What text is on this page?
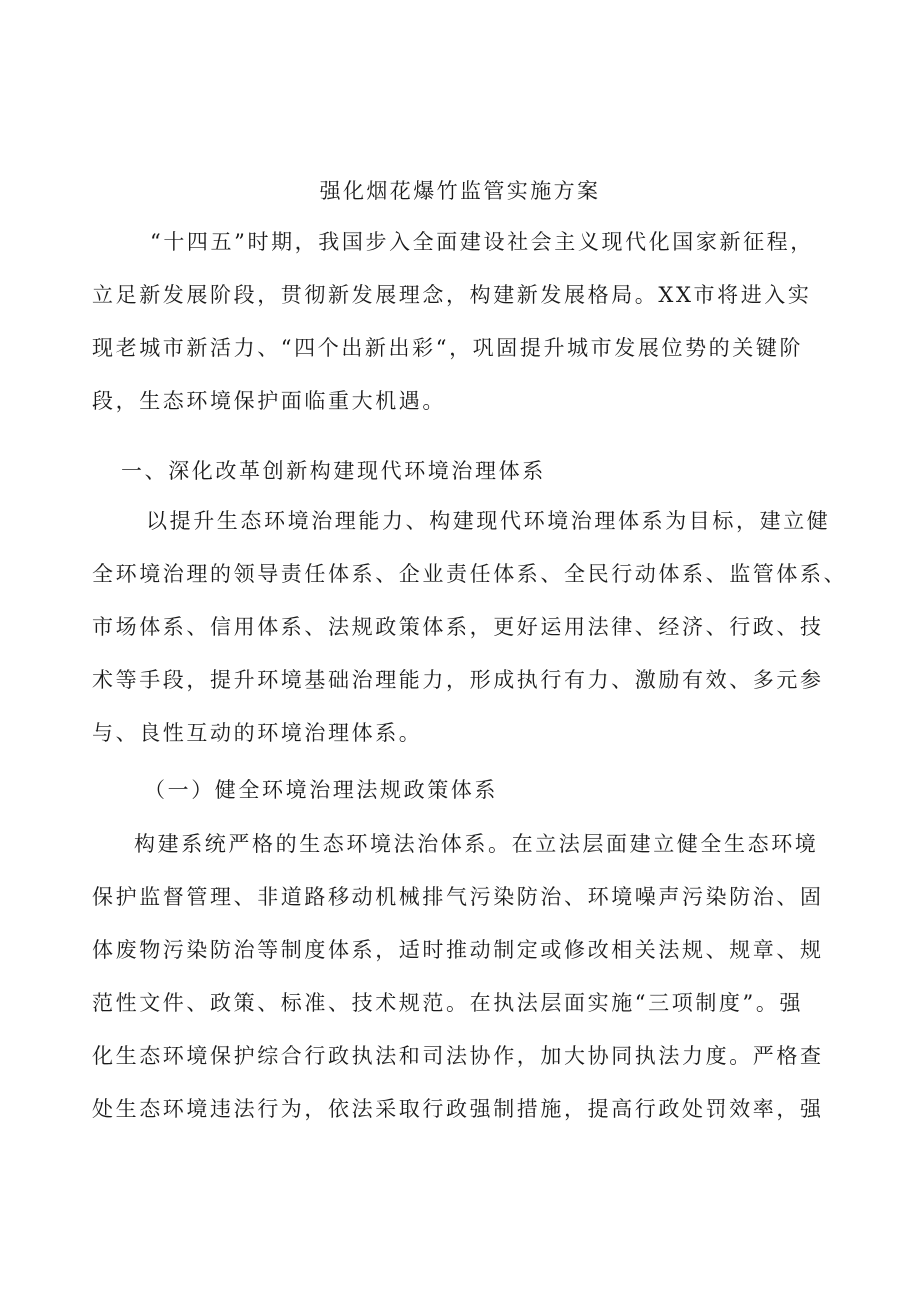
强化烟花爆竹监管实施方案
“十四五”时期，我国步入全面建设社会主义现代化国家新征程，
立足新发展阶段，贯彻新发展理念，构建新发展格局。XX市将进入实
现老城市新活力、“四个出新出彩“，巩固提升城市发展位势的关键阶
段，生态环境保护面临重大机遇。
一、深化改革创新构建现代环境治理体系
以提升生态环境治理能力、构建现代环境治理体系为目标，建立健
全环境治理的领导责任体系、企业责任体系、全民行动体系、监管体系、
市场体系、信用体系、法规政策体系，更好运用法律、经济、行政、技
术等手段，提升环境基础治理能力，形成执行有力、激励有效、多元参
与、良性互动的环境治理体系。
（一）健全环境治理法规政策体系
构建系统严格的生态环境法治体系。在立法层面建立健全生态环境
保护监督管理、非道路移动机械排气污染防治、环境噪声污染防治、固
体废物污染防治等制度体系，适时推动制定或修改相关法规、规章、规
范性文件、政策、标准、技术规范。在执法层面实施“三项制度”。强
化生态环境保护综合行政执法和司法协作，加大协同执法力度。严格查
处生态环境违法行为，依法采取行政强制措施，提高行政处罚效率，强
